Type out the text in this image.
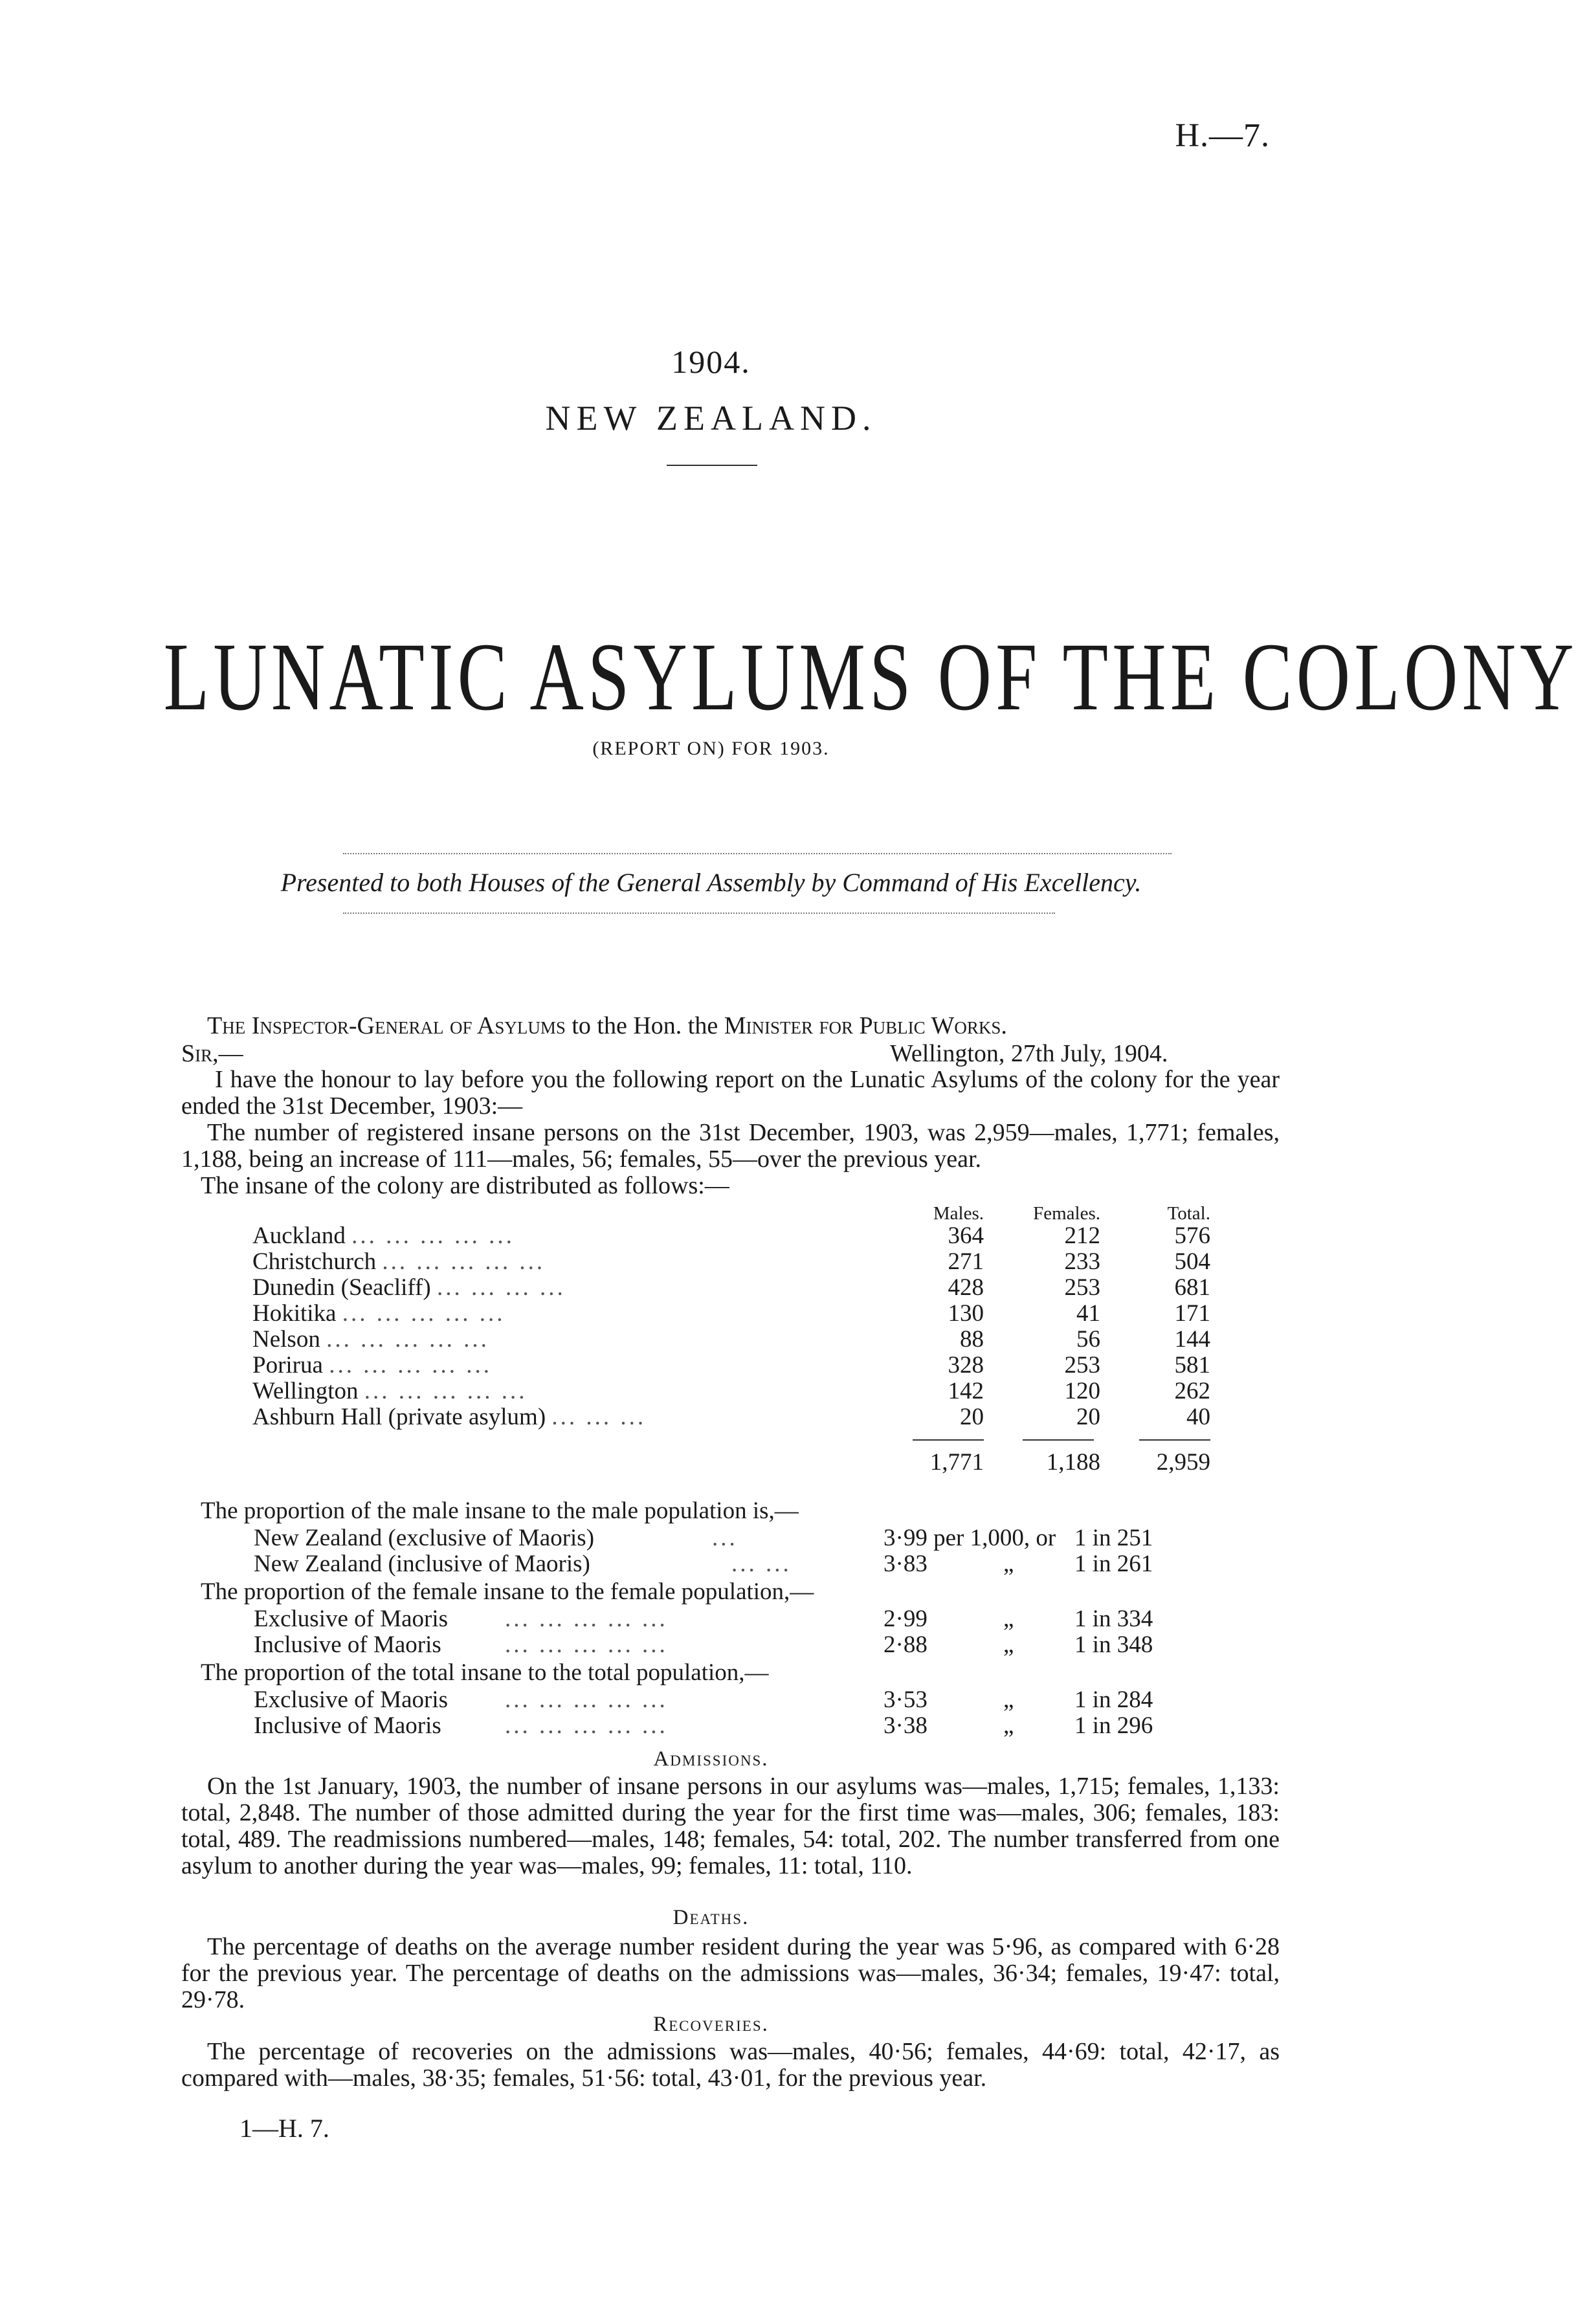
H.—7.
1904.
NEW ZEALAND.
LUNATIC ASYLUMS OF THE COLONY
(REPORT ON) FOR 1903.
Presented to both Houses of the General Assembly by Command of His Excellency.
The Inspector-General of Asylums to the Hon. the Minister for Public Works.
Sir,—	Wellington, 27th July, 1904.
I have the honour to lay before you the following report on the Lunatic Asylums of the colony for the year ended the 31st December, 1903:—
The number of registered insane persons on the 31st December, 1903, was 2,959—males, 1,771; females, 1,188, being an increase of 111—males, 56; females, 55—over the previous year.
The insane of the colony are distributed as follows:—
	Males.	Females.	Total.
Auckland ... ... ... ... ...	364	212	576
Christchurch ... ... ... ... ...	271	233	504
Dunedin (Seacliff) ... ... ... ...	428	253	681
Hokitika ... ... ... ... ...	130	41	171
Nelson ... ... ... ... ...	88	56	144
Porirua ... ... ... ... ...	328	253	581
Wellington ... ... ... ... ...	142	120	262
Ashburn Hall (private asylum) ... ... ...	20	20	40

	1,771	1,188	2,959
The proportion of the male insane to the male population is,—
New Zealand (exclusive of Maoris)	...	3·99 per 1,000, or 1 in 251
New Zealand (inclusive of Maoris)	... ...	3·83	„	1 in 261
The proportion of the female insane to the female population,—
Exclusive of Maoris ... ... ... ... ...	2·99	„	1 in 334
Inclusive of Maoris	... ... ... ... ...	2·88	„	1 in 348
The proportion of the total insane to the total population,—
Exclusive of Maoris ... ... ... ... ...	3·53	„	1 in 284
Inclusive of Maoris	... ... ... ... ...	3·38	„	1 in 296
Admissions.
On the 1st January, 1903, the number of insane persons in our asylums was—males, 1,715; females, 1,133: total, 2,848. The number of those admitted during the year for the first time was—males, 306; females, 183: total, 489. The readmissions numbered—males, 148; females, 54: total, 202. The number transferred from one asylum to another during the year was—males, 99; females, 11: total, 110.
Deaths.
The percentage of deaths on the average number resident during the year was 5·96, as compared with 6·28 for the previous year. The percentage of deaths on the admissions was—males, 36·34; females, 19·47: total, 29·78.
Recoveries.
The percentage of recoveries on the admissions was—males, 40·56; females, 44·69: total, 42·17, as compared with—males, 38·35; females, 51·56: total, 43·01, for the previous year.
1—H. 7.
